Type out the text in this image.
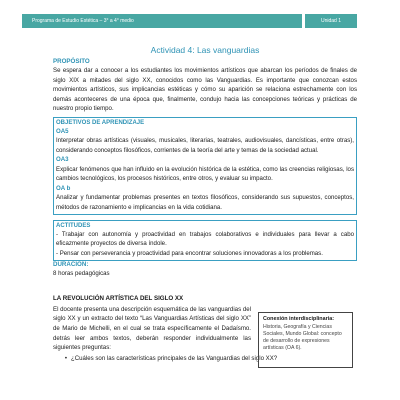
Programa de Estudio Estética – 3° a 4° medio	Unidad 1
Actividad 4: Las vanguardias
PROPÓSITO

Se espera dar a conocer a los estudiantes los movimientos artísticos que abarcan los períodos de finales de siglo XIX a mitades del siglo XX, conocidos como las Vanguardias. Es importante que conozcan estos movimientos artísticos, sus implicancias estéticas y cómo su aparición se relaciona estrechamente con los demás aconteceres de una época que, finalmente, condujo hacia las concepciones teóricas y prácticas de nuestro propio tiempo.

OBJETIVOS DE APRENDIZAJE
OA5

Interpretar obras artísticas (visuales, musicales, literarias, teatrales, audiovisuales, dancísticas, entre otras), considerando conceptos filosóficos, corrientes de la teoría del arte y temas de la sociedad actual.

OA3

Explicar fenómenos que han influido en la evolución histórica de la estética, como las creencias religiosas, los cambios tecnológicos, los procesos históricos, entre otros, y evaluar su impacto.

OA b

Analizar y fundamentar problemas presentes en textos filosóficos, considerando sus supuestos, conceptos, métodos de razonamiento e implicancias en la vida cotidiana.

ACTITUDES

- Trabajar con autonomía y proactividad en trabajos colaborativos e individuales para llevar a cabo eficazmente proyectos de diversa índole.

- Pensar con perseverancia y proactividad para encontrar soluciones innovadoras a los problemas.

DURACIÓN:

8 horas pedagógicas

LA REVOLUCIÓN ARTÍSTICA DEL SIGLO XX

El docente presenta una descripción esquemática de las vanguardias del siglo XX y un extracto del texto “Las Vanguardias Artísticas del siglo XX” de Mario de Michelli, en el cual se trata específicamente el Dadaísmo. detrás leer ambos textos, deberán responder individualmente las siguientes preguntas:

Conexión interdisciplinaria:

Historia, Geografía y Ciencias Sociales, Mundo Global: concepto de desarrollo de expresiones artísticas (OA 6).

• ¿Cuáles son las características principales de las Vanguardias del siglo XX?
